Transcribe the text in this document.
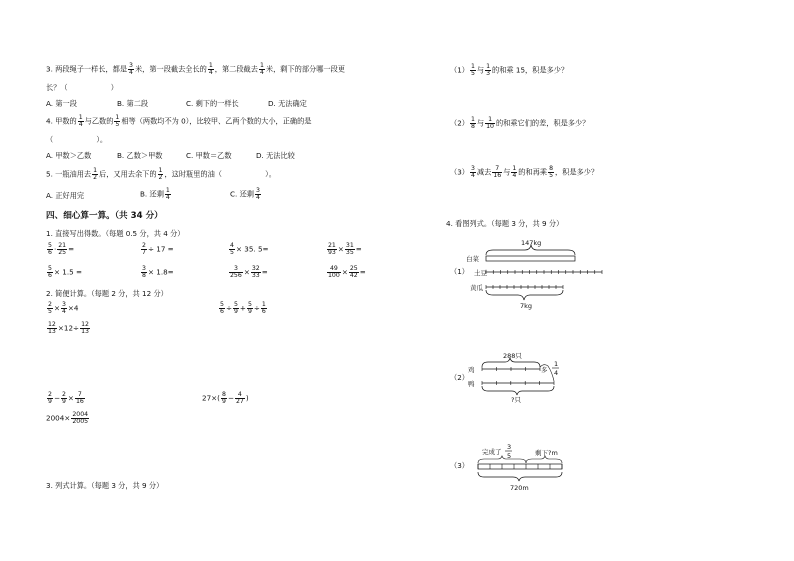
3. 两段绳子一样长，都是 $\frac{3}{4}$ 米，第一段截去全长的 $\frac{1}{4}$ ，第二段截去 $\frac{1}{4}$ 米，剩下的部分哪一段更
长？（　　　　　　）
A. 第一段	B. 第二段	C. 剩下的一样长	D. 无法确定
4. 甲数的 $\frac{1}{4}$ 与乙数的 $\frac{1}{5}$ 相等（两数均不为 0），比较甲、乙两个数的大小，正确的是
（　　　　　　）。
A. 甲数＞乙数	B. 乙数＞甲数	C. 甲数＝乙数	D. 无法比较
5. 一瓶油用去 $\frac{1}{2}$ 后，又用去余下的 $\frac{1}{2}$ ，这时瓶里的油（　　　　　　）。
A. 正好用完	B. 还剩 $\frac{1}{4}$	C. 还剩 $\frac{3}{4}$
四、细心算一算。（共 34 分）
1. 直接写出得数。（每题 0.5 分，共 4 分）
$\frac{5}{6} \cdot \frac{21}{25}$ =	$\frac{2}{7} \div 17$ =	$\frac{4}{5} \times 35$. 5=	$\frac{21}{93} \times \frac{31}{35}$ =
$\frac{5}{6} \times 1.5$ =	$\frac{3}{8} \times 1.8=$	$\frac{3}{256} \times \frac{32}{33}$ =	$\frac{49}{100} \times \frac{25}{42}$ =
2. 简便计算。（每题 2 分，共 12 分）
$\frac{2}{5} \times \frac{3}{4} \times 4$	$\frac{5}{6} \div \frac{5}{9} + \frac{5}{9} \div \frac{1}{6}$
$\frac{12}{13} \times 12\div \frac{12}{13}$
$\frac{2}{9} - \frac{2}{9} \times \frac{7}{16}$	$27\times( \frac{8}{9} - \frac{4}{27}$ )
$2004\times \frac{2004}{2005}$
3. 列式计算。（每题 3 分，共 9 分）
$(1) \frac{1}{5}$ 与 $\frac{1}{3}$ 的和乘 15，积是多少？
$(2) \frac{1}{8}$ 与 $\frac{1}{10}$ 的和乘它们的差，积是多少？
$(3) \frac{3}{4}$ 减去 $\frac{7}{16}$ 与 $\frac{1}{4}$ 的和再乘 $\frac{8}{5}$ ，积是多少？
4. 看图列式。（每题 3 分，共 9 分）
（1）
147kg
白菜
土豆
黄瓜
7kg
288只
鸡
鸭
多
1
4
?只
完成了
3
5	剩下?m
720m
（2）
（3）
